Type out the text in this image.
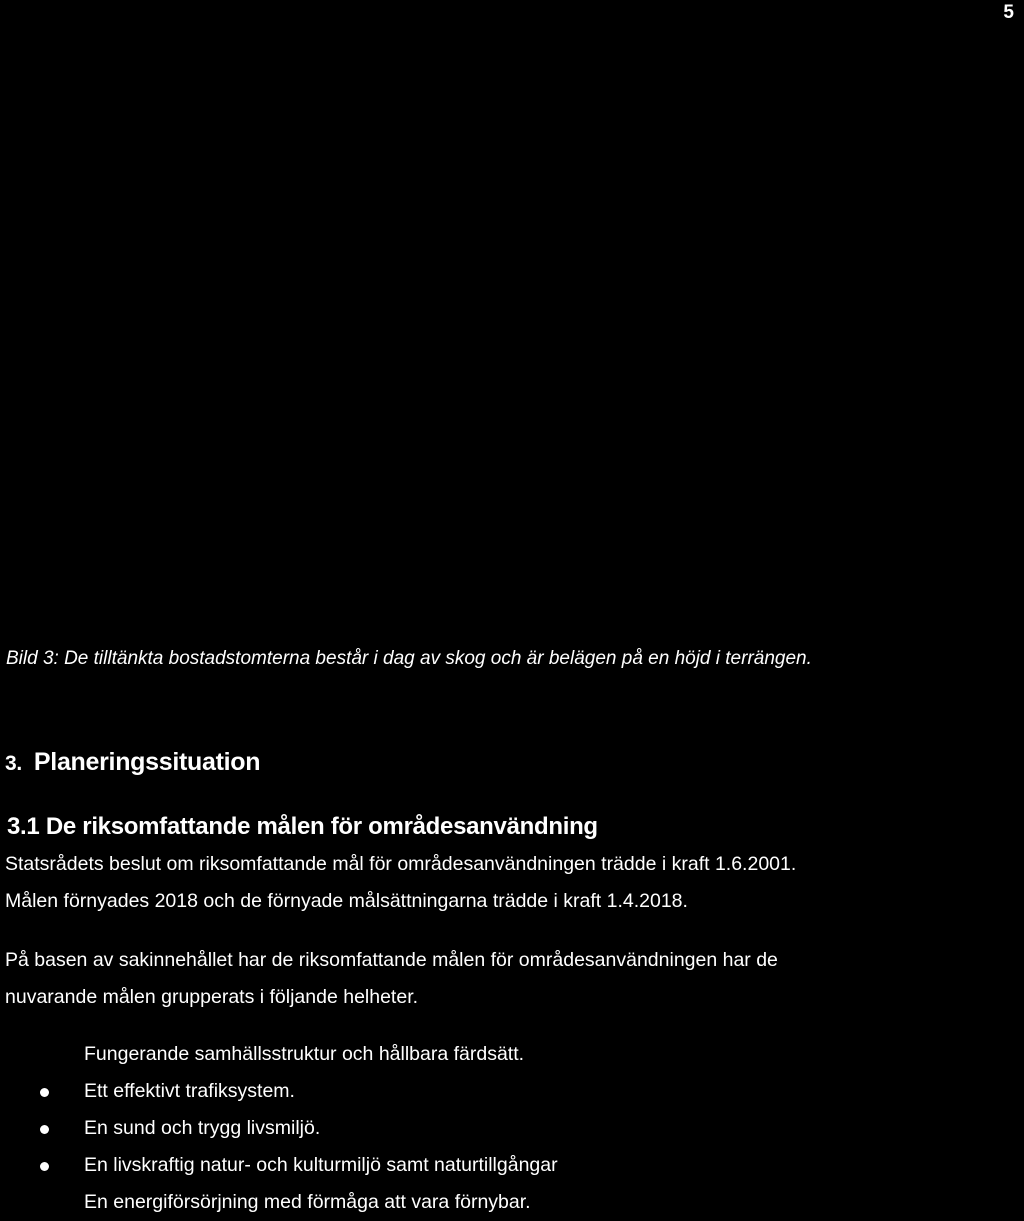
5
Bild 3: De tilltänkta bostadstomterna består i dag av skog och är belägen på en höjd i terrängen.
3. Planeringssituation
3.1 De riksomfattande målen för områdesanvändning
Statsrådets beslut om riksomfattande mål för områdesanvändningen trädde i kraft 1.6.2001.
Målen förnyades 2018 och de förnyade målsättningarna trädde i kraft 1.4.2018.
På basen av sakinnehållet har de riksomfattande målen för områdesanvändningen har de
nuvarande målen grupperats i följande helheter.
Fungerande samhällsstruktur och hållbara färdsätt.
Ett effektivt trafiksystem.
En sund och trygg livsmiljö.
En livskraftig natur- och kulturmiljö samt naturtillgångar
En energiförsörjning med förmåga att vara förnybar.
